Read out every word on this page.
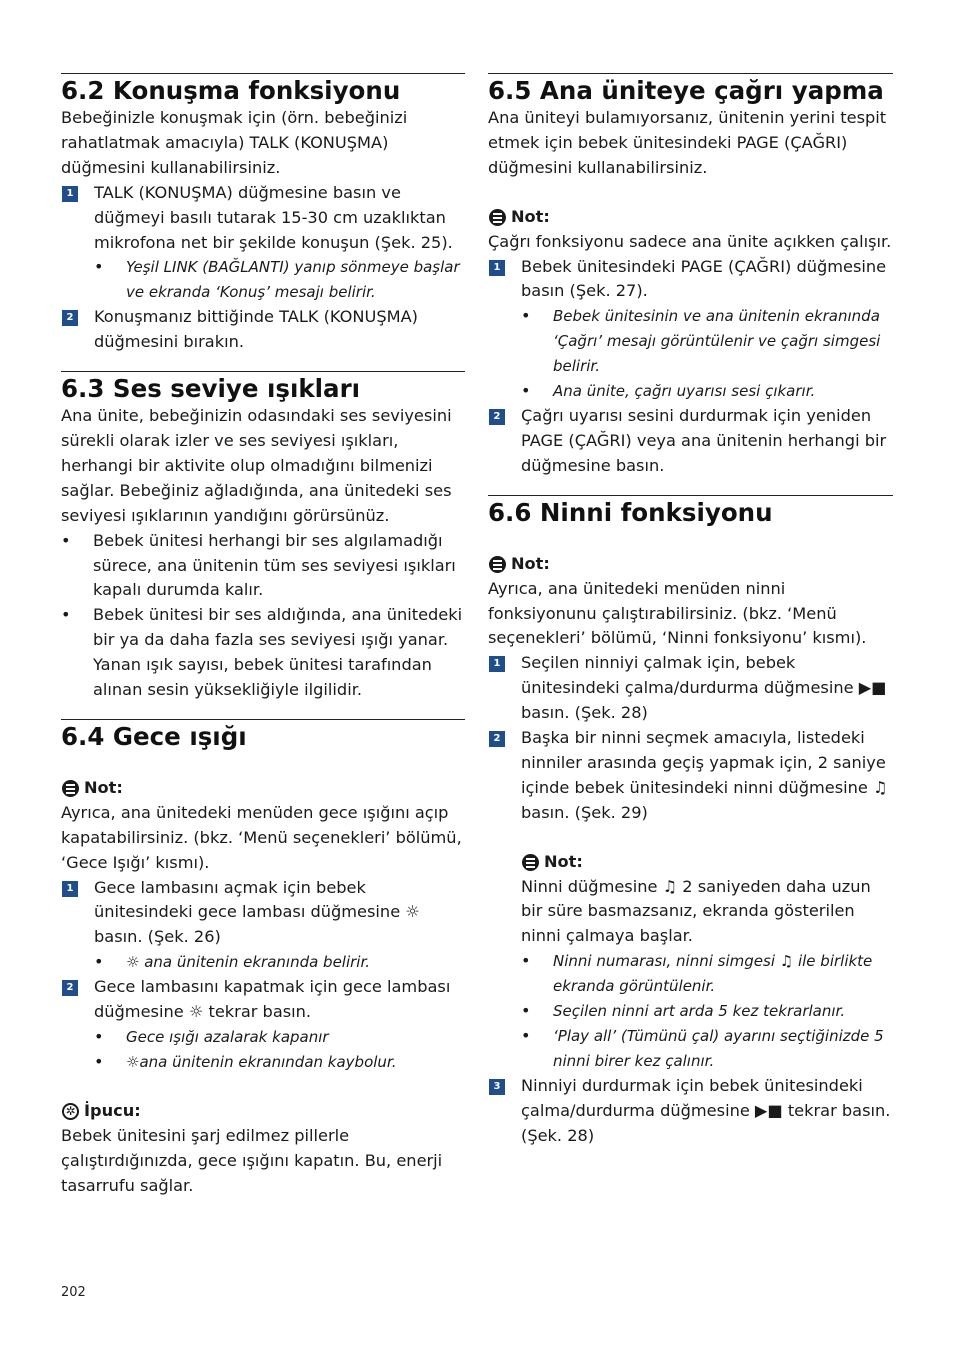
6.2 Konuşma fonksiyonu

Bebeğinizle konuşmak için (örn. bebeğinizi rahatlatmak amacıyla) TALK (KONUŞMA) düğmesini kullanabilirsiniz.

1 TALK (KONUŞMA) düğmesine basın ve düğmeyi basılı tutarak 15-30 cm uzaklıktan mikrofona net bir şekilde konuşun (Şek. 25).
•	Yeşil LINK (BAĞLANTI) yanıp sönmeye başlar ve ekranda ‘Konuş’ mesajı belirir.
2 Konuşmanız bittiğinde TALK (KONUŞMA) düğmesini bırakın.
6.3 Ses seviye ışıkları

Ana ünite, bebeğinizin odasındaki ses seviyesini sürekli olarak izler ve ses seviyesi ışıkları, herhangi bir aktivite olup olmadığını bilmenizi sağlar. Bebeğiniz ağladığında, ana ünitedeki ses seviyesi ışıklarının yandığını görürsünüz.

•	Bebek ünitesi herhangi bir ses algılamadığı sürece, ana ünitenin tüm ses seviyesi ışıkları kapalı durumda kalır.
•	Bebek ünitesi bir ses aldığında, ana ünitedeki bir ya da daha fazla ses seviyesi ışığı yanar. Yanan ışık sayısı, bebek ünitesi tarafından alınan sesin yüksekliğiyle ilgilidir.
6.4 Gece ışığı

Not:

Ayrıca, ana ünitedeki menüden gece ışığını açıp kapatabilirsiniz. (bkz. ‘Menü seçenekleri’ bölümü, ‘Gece Işığı’ kısmı).

1 Gece lambasını açmak için bebek ünitesindeki gece lambası düğmesine ☼ basın. (Şek. 26)
•	☼ ana ünitenin ekranında belirir.
2 Gece lambasını kapatmak için gece lambası düğmesine ☼ tekrar basın.
•	Gece ışığı azalarak kapanır
•	☼ana ünitenin ekranından kaybolur.

✲ İpucu:

Bebek ünitesini şarj edilmez pillerle çalıştırdığınızda, gece ışığını kapatın. Bu, enerji tasarrufu sağlar.

6.5 Ana üniteye çağrı yapma

Ana üniteyi bulamıyorsanız, ünitenin yerini tespit etmek için bebek ünitesindeki PAGE (ÇAĞRI) düğmesini kullanabilirsiniz.

Not:

Çağrı fonksiyonu sadece ana ünite açıkken çalışır.

1 Bebek ünitesindeki PAGE (ÇAĞRI) düğmesine basın (Şek. 27).
•	Bebek ünitesinin ve ana ünitenin ekranında ‘Çağrı’ mesajı görüntülenir ve çağrı simgesi belirir.
•	Ana ünite, çağrı uyarısı sesi çıkarır.
2 Çağrı uyarısı sesini durdurmak için yeniden PAGE (ÇAĞRI) veya ana ünitenin herhangi bir düğmesine basın.
6.6 Ninni fonksiyonu

Not:

Ayrıca, ana ünitedeki menüden ninni fonksiyonunu çalıştırabilirsiniz. (bkz. ‘Menü seçenekleri’ bölümü, ‘Ninni fonksiyonu’ kısmı).

1 Seçilen ninniyi çalmak için, bebek ünitesindeki çalma/durdurma düğmesine ▶■ basın. (Şek. 28)
2 Başka bir ninni seçmek amacıyla, listedeki ninniler arasında geçiş yapmak için, 2 saniye içinde bebek ünitesindeki ninni düğmesine ♫ basın. (Şek. 29)

Not:

Ninni düğmesine ♫ 2 saniyeden daha uzun bir süre basmazsanız, ekranda gösterilen ninni çalmaya başlar.

•	Ninni numarası, ninni simgesi ♫ ile birlikte ekranda görüntülenir.
•	Seçilen ninni art arda 5 kez tekrarlanır.
•	‘Play all’ (Tümünü çal) ayarını seçtiğinizde 5 ninni birer kez çalınır.
3 Ninniyi durdurmak için bebek ünitesindeki çalma/durdurma düğmesine ▶■ tekrar basın. (Şek. 28)
202
